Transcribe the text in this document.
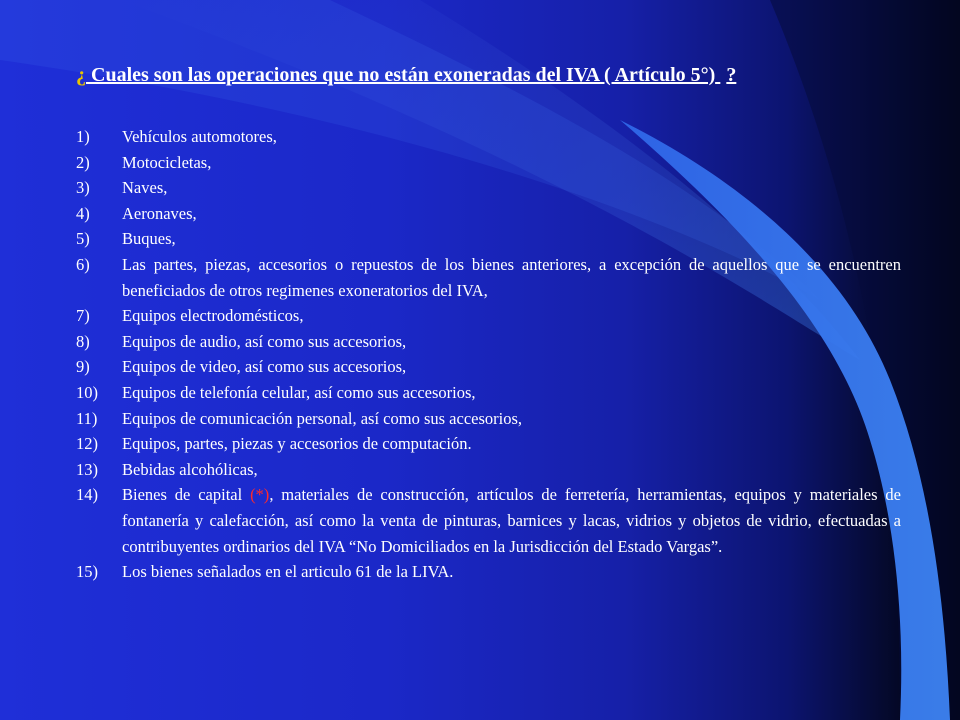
¿ Cuales son las operaciones que no están exoneradas del IVA ( Artículo 5°) ?
1)	Vehículos automotores,
2)	Motocicletas,
3)	Naves,
4)	Aeronaves,
5)	Buques,
6)	Las partes, piezas, accesorios o repuestos de los bienes anteriores, a excepción de aquellos que se encuentren beneficiados de otros regimenes exoneratorios del IVA,
7)	Equipos electrodomésticos,
8)	Equipos de audio, así como sus accesorios,
9)	Equipos de video, así como sus accesorios,
10)	Equipos de telefonía celular, así como sus accesorios,
11)	Equipos de comunicación personal, así como sus accesorios,
12)	Equipos, partes, piezas y accesorios de computación.
13)	Bebidas alcohólicas,
14)	Bienes de capital (*), materiales de construcción, artículos de ferretería, herramientas, equipos y materiales de fontanería y calefacción, así como la venta de pinturas, barnices y lacas, vidrios y objetos de vidrio, efectuadas a contribuyentes ordinarios del IVA “No Domiciliados en la Jurisdicción del Estado Vargas”.
15)	Los bienes señalados en el articulo 61 de la LIVA.
